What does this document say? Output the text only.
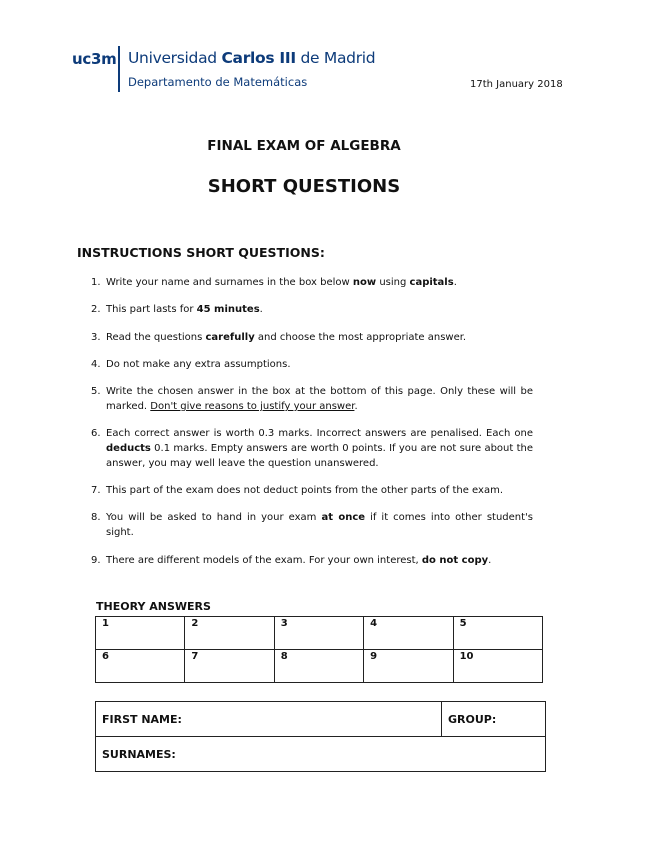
uc3m Universidad Carlos III de Madrid
Departamento de Matemáticas	17th January 2018
FINAL EXAM OF ALGEBRA
SHORT QUESTIONS
INSTRUCTIONS SHORT QUESTIONS:
1. Write your name and surnames in the box below now using capitals.
2. This part lasts for 45 minutes.
3. Read the questions carefully and choose the most appropriate answer.
4. Do not make any extra assumptions.
5. Write the chosen answer in the box at the bottom of this page. Only these will be marked. Don't give reasons to justify your answer.
6. Each correct answer is worth 0.3 marks. Incorrect answers are penalised. Each one deducts 0.1 marks. Empty answers are worth 0 points. If you are not sure about the answer, you may well leave the question unanswered.
7. This part of the exam does not deduct points from the other parts of the exam.
8. You will be asked to hand in your exam at once if it comes into other student's sight.
9. There are different models of the exam. For your own interest, do not copy.
THEORY ANSWERS
1	2	3	4	5
6	7	8	9	10
FIRST NAME:	GROUP:
SURNAMES:
